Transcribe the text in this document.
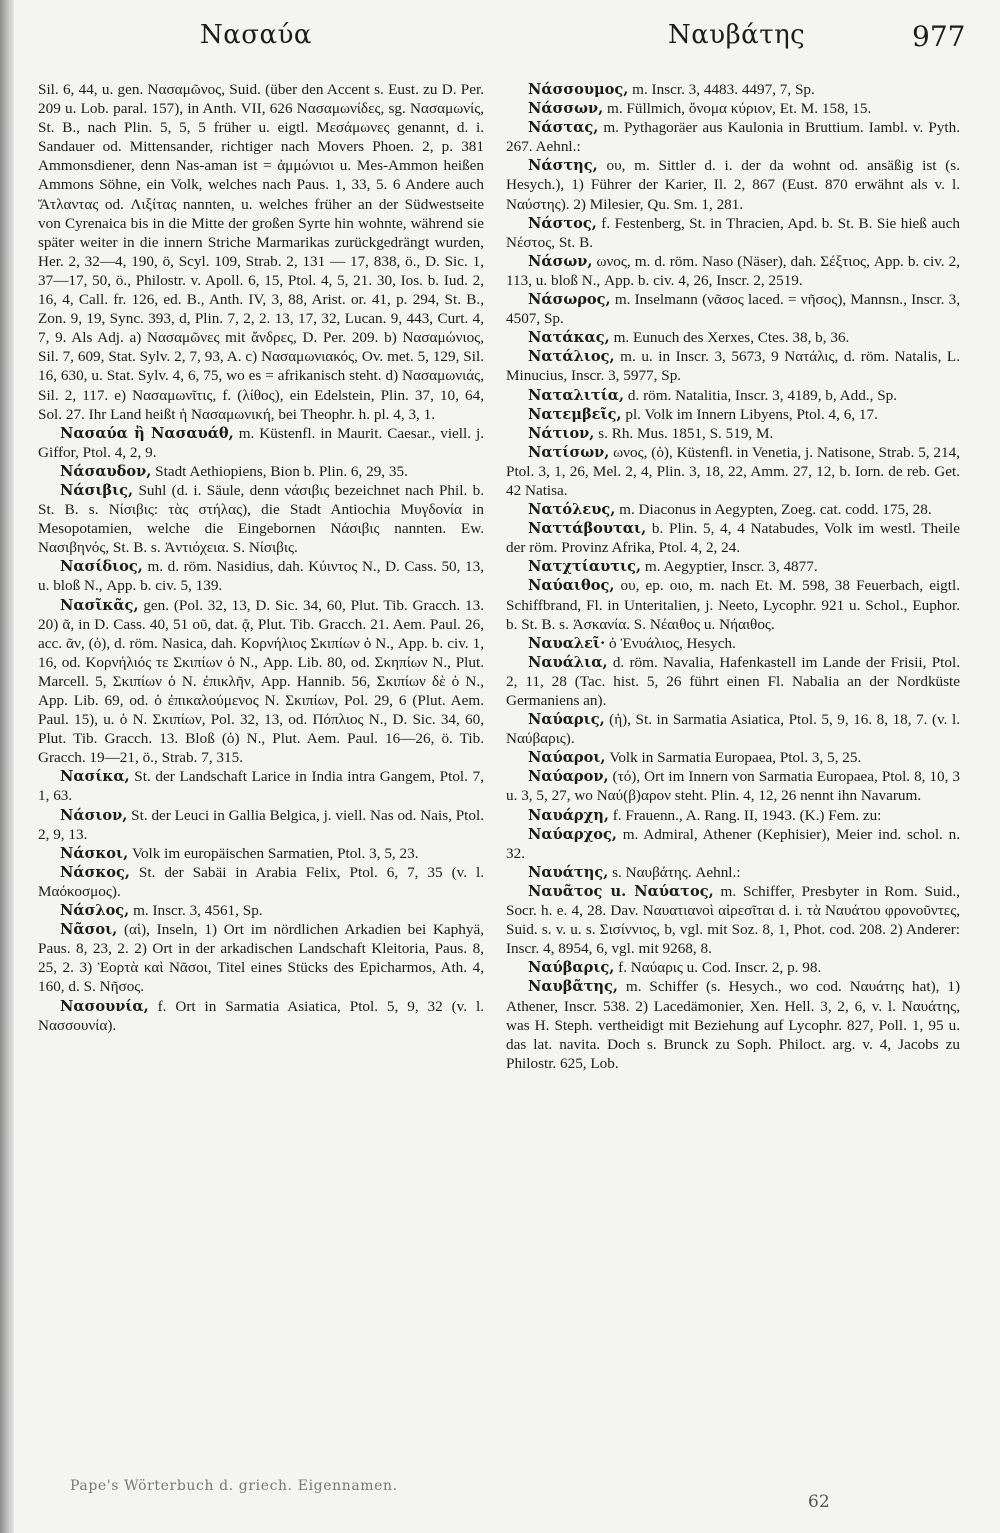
Νασαύα	Ναυβάτης	977

Sil. 6, 44, u. gen. Νασαμῶνος, Suid. (über den Accent s. Eust. zu D. Per. 209 u. Lob. paral. 157), in Anth. VII, 626 Νασαμωνίδες, sg. Νασαμωνίς, St. B., nach Plin. 5, 5, 5 früher u. eigtl. Μεσάμωνες genannt, d. i. Sandauer od. Mittensander, richtiger nach Movers Phoen. 2, p. 381 Ammonsdiener, denn Nas-aman ist = ἀμμώνιοι u. Mes-Ammon heißen Ammons Söhne, ein Volk, welches nach Paus. 1, 33, 5. 6 Andere auch Ἄτλαντας od. Λιξίτας nannten, u. welches früher an der Südwestseite von Cyrenaica bis in die Mitte der großen Syrte hin wohnte, während sie später weiter in die innern Striche Marmarikas zurückgedrängt wurden, Her. 2, 32—4, 190, ö, Scyl. 109, Strab. 2, 131 — 17, 838, ö., D. Sic. 1, 37—17, 50, ö., Philostr. v. Apoll. 6, 15, Ptol. 4, 5, 21. 30, Ios. b. Iud. 2, 16, 4, Call. fr. 126, ed. B., Anth. IV, 3, 88, Arist. or. 41, p. 294, St. B., Zon. 9, 19, Sync. 393, d, Plin. 7, 2, 2. 13, 17, 32, Lucan. 9, 443, Curt. 4, 7, 9. Als Adj. a) Νασαμῶνες mit ἄνδρες, D. Per. 209. b) Νασαμώνιος, Sil. 7, 609, Stat. Sylv. 2, 7, 93, A. c) Νασαμωνιακός, Ov. met. 5, 129, Sil. 16, 630, u. Stat. Sylv. 4, 6, 75, wo es = afrikanisch steht. d) Νασαμωνιάς, Sil. 2, 117. e) Νασαμωνῖτις, f. (λίθος), ein Edelstein, Plin. 37, 10, 64, Sol. 27. Ihr Land heißt ἡ Νασαμωνική, bei Theophr. h. pl. 4, 3, 1.

Νασαύα ἢ Νασαυάθ, m. Küstenfl. in Maurit. Caesar., viell. j. Giffor, Ptol. 4, 2, 9.

Νάσαυδον, Stadt Aethiopiens, Bion b. Plin. 6, 29, 35.

Νάσιβις, Suhl (d. i. Säule, denn νάσιβις bezeichnet nach Phil. b. St. B. s. Νίσιβις: τὰς στήλας), die Stadt Antiochia Μυγδονία in Mesopotamien, welche die Eingebornen Νάσιβις nannten. Ew. Νασιβηνός, St. B. s. Ἀντιόχεια. S. Νίσιβις.

Νασίδιος, m. d. röm. Nasidius, dah. Κύιντος Ν., D. Cass. 50, 13, u. bloß Ν., App. b. civ. 5, 139.

Νασῖκᾶς, gen. (Pol. 32, 13, D. Sic. 34, 60, Plut. Tib. Gracch. 13. 20) ᾶ, in D. Cass. 40, 51 οῦ, dat. ᾷ, Plut. Tib. Gracch. 21. Aem. Paul. 26, acc. ᾶν, (ὁ), d. röm. Nasica, dah. Κορνήλιος Σκιπίων ὁ Ν., App. b. civ. 1, 16, od. Κορνήλιός τε Σκιπίων ὁ Ν., App. Lib. 80, od. Σκηπίων Ν., Plut. Marcell. 5, Σκιπίων ὁ Ν. ἐπικλῆν, App. Hannib. 56, Σκιπίων δὲ ὁ Ν., App. Lib. 69, od. ὁ ἐπικαλούμενος Ν. Σκιπίων, Pol. 29, 6 (Plut. Aem. Paul. 15), u. ὁ Ν. Σκιπίων, Pol. 32, 13, od. Πόπλιος Ν., D. Sic. 34, 60, Plut. Tib. Gracch. 13. Bloß (ὁ) Ν., Plut. Aem. Paul. 16—26, ö. Tib. Gracch. 19—21, ö., Strab. 7, 315.

Νασίκα, St. der Landschaft Larice in India intra Gangem, Ptol. 7, 1, 63.

Νάσιον, St. der Leuci in Gallia Belgica, j. viell. Nas od. Nais, Ptol. 2, 9, 13.

Νάσκοι, Volk im europäischen Sarmatien, Ptol. 3, 5, 23.

Νάσκος, St. der Sabäi in Arabia Felix, Ptol. 6, 7, 35 (v. l. Μαόκοσμος).

Νάσλος, m. Inscr. 3, 4561, Sp.

Νᾶσοι, (αἱ), Inseln, 1) Ort im nördlichen Arkadien bei Kaphyä, Paus. 8, 23, 2. 2) Ort in der arkadischen Landschaft Kleitoria, Paus. 8, 25, 2. 3) Ἑορτὰ καὶ Νᾶσοι, Titel eines Stücks des Epicharmos, Ath. 4, 160, d. S. Νῆσος.

Νασουνία, f. Ort in Sarmatia Asiatica, Ptol. 5, 9, 32 (v. l. Νασσουνία).

Νάσσουμος, m. Inscr. 3, 4483. 4497, 7, Sp.

Νάσσων, m. Füllmich, ὄνομα κύριον, Et. M. 158, 15.

Νάστας, m. Pythagoräer aus Kaulonia in Bruttium. Iambl. v. Pyth. 267. Aehnl.:

Νάστης, ου, m. Sittler d. i. der da wohnt od. ansäßig ist (s. Hesych.), 1) Führer der Karier, Il. 2, 867 (Eust. 870 erwähnt als v. l. Ναύστης). 2) Milesier, Qu. Sm. 1, 281.

Νάστος, f. Festenberg, St. in Thracien, Apd. b. St. B. Sie hieß auch Νέστος, St. B.

Νάσων, ωνος, m. d. röm. Naso (Näser), dah. Σέξτιος, App. b. civ. 2, 113, u. bloß Ν., App. b. civ. 4, 26, Inscr. 2, 2519.

Νάσωρος, m. Inselmann (νᾶσος laced. = νῆσος), Mannsn., Inscr. 3, 4507, Sp.

Νατάκας, m. Eunuch des Xerxes, Ctes. 38, b, 36.

Νατάλιος, m. u. in Inscr. 3, 5673, 9 Νατάλις, d. röm. Natalis, L. Minucius, Inscr. 3, 5977, Sp.

Ναταλιτία, d. röm. Natalitia, Inscr. 3, 4189, b, Add., Sp.

Νατεμβεῖς, pl. Volk im Innern Libyens, Ptol. 4, 6, 17.

Νάτιον, s. Rh. Mus. 1851, S. 519, M.

Νατίσων, ωνος, (ὁ), Küstenfl. in Venetia, j. Natisone, Strab. 5, 214, Ptol. 3, 1, 26, Mel. 2, 4, Plin. 3, 18, 22, Amm. 27, 12, b. Iorn. de reb. Get. 42 Natisa.

Νατόλευς, m. Diaconus in Aegypten, Zoeg. cat. codd. 175, 28.

Ναττάβουται, b. Plin. 5, 4, 4 Natabudes, Volk im westl. Theile der röm. Provinz Afrika, Ptol. 4, 2, 24.

Νατχτίαυτις, m. Aegyptier, Inscr. 3, 4877.

Ναύαιθος, ου, ep. οιο, m. nach Et. M. 598, 38 Feuerbach, eigtl. Schiffbrand, Fl. in Unteritalien, j. Neeto, Lycophr. 921 u. Schol., Euphor. b. St. B. s. Ἀσκανία. S. Νέαιθος u. Νήαιθος.

Ναυαλεῖ· ὁ Ἐνυάλιος, Hesych.

Ναυάλια, d. röm. Navalia, Hafenkastell im Lande der Frisii, Ptol. 2, 11, 28 (Tac. hist. 5, 26 führt einen Fl. Nabalia an der Nordküste Germaniens an).

Ναύαρις, (ἡ), St. in Sarmatia Asiatica, Ptol. 5, 9, 16. 8, 18, 7. (v. l. Ναύβαρις).

Ναύαροι, Volk in Sarmatia Europaea, Ptol. 3, 5, 25.

Ναύαρον, (τό), Ort im Innern von Sarmatia Europaea, Ptol. 8, 10, 3 u. 3, 5, 27, wo Ναύ(β)αρον steht. Plin. 4, 12, 26 nennt ihn Navarum.

Ναυάρχη, f. Frauenn., A. Rang. II, 1943. (K.) Fem. zu:

Ναύαρχος, m. Admiral, Athener (Kephisier), Meier ind. schol. n. 32.

Ναυάτης, s. Ναυβάτης. Aehnl.:

Ναυᾶτος u. Ναύατος, m. Schiffer, Presbyter in Rom. Suid., Socr. h. e. 4, 28. Dav. Ναυατιανοὶ αἱρεσῖται d. i. τὰ Ναυάτου φρονοῦντες, Suid. s. v. u. s. Σισίννιος, b, vgl. mit Soz. 8, 1, Phot. cod. 208. 2) Anderer: Inscr. 4, 8954, 6, vgl. mit 9268, 8.

Ναύβαρις, f. Ναύαρις u. Cod. Inscr. 2, p. 98.

Ναυβᾶτης, m. Schiffer (s. Hesych., wo cod. Ναυάτης hat), 1) Athener, Inscr. 538. 2) Lacedämonier, Xen. Hell. 3, 2, 6, v. l. Ναυάτης, was H. Steph. vertheidigt mit Beziehung auf Lycophr. 827, Poll. 1, 95 u. das lat. navita. Doch s. Brunck zu Soph. Philoct. arg. v. 4, Jacobs zu Philostr. 625, Lob.

Pape's Wörterbuch d. griech. Eigennamen.
62
